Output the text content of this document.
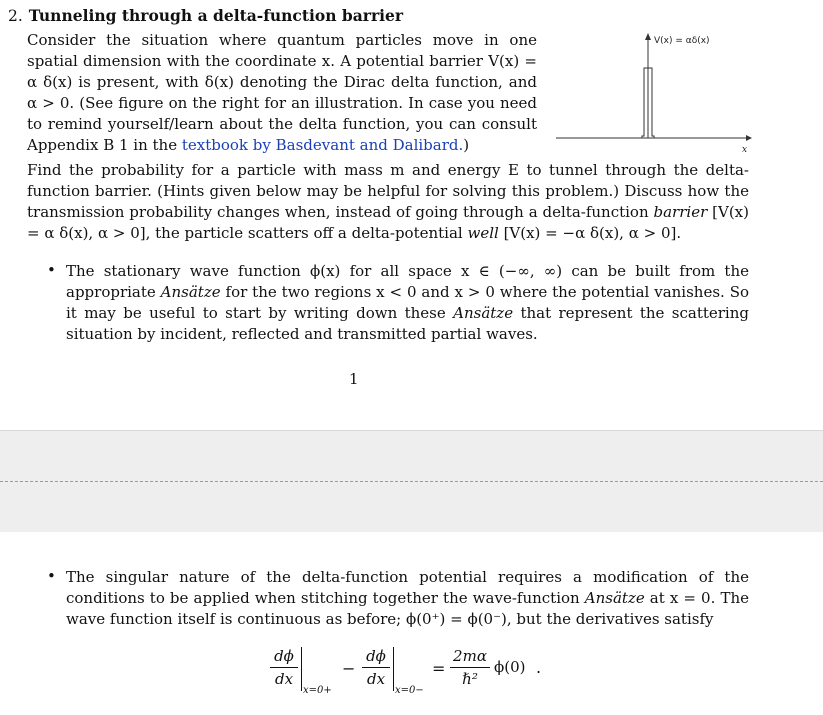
2. Tunneling through a delta-function barrier
Consider the situation where quantum particles move in one spatial dimension with the coordinate x. A potential barrier V(x) = α δ(x) is present, with δ(x) denoting the Dirac delta function, and α > 0. (See figure on the right for an illustration. In case you need to remind yourself/learn about the delta function, you can consult Appendix B 1 in the textbook by Basdevant and Dalibard.)
V(x) = αδ(x)
x
Find the probability for a particle with mass m and energy E to tunnel through the delta-function barrier. (Hints given below may be helpful for solving this problem.) Discuss how the transmission probability changes when, instead of going through a delta-function barrier [V(x) = α δ(x), α > 0], the particle scatters off a delta-potential well [V(x) = −α δ(x), α > 0].
• The stationary wave function ϕ(x) for all space x ∈ (−∞, ∞) can be built from the appropriate Ansätze for the two regions x < 0 and x > 0 where the potential vanishes. So it may be useful to start by writing down these Ansätze that represent the scattering situation by incident, reflected and transmitted partial waves.
1
• The singular nature of the delta-function potential requires a modification of the conditions to be applied when stitching together the wave-function Ansätze at x = 0. The wave function itself is continuous as before; ϕ(0⁺) = ϕ(0⁻), but the derivatives satisfy
dϕ
dx
x=0+
−
dϕ
dx
x=0−
=
2mα
ℏ²
ϕ(0) .
